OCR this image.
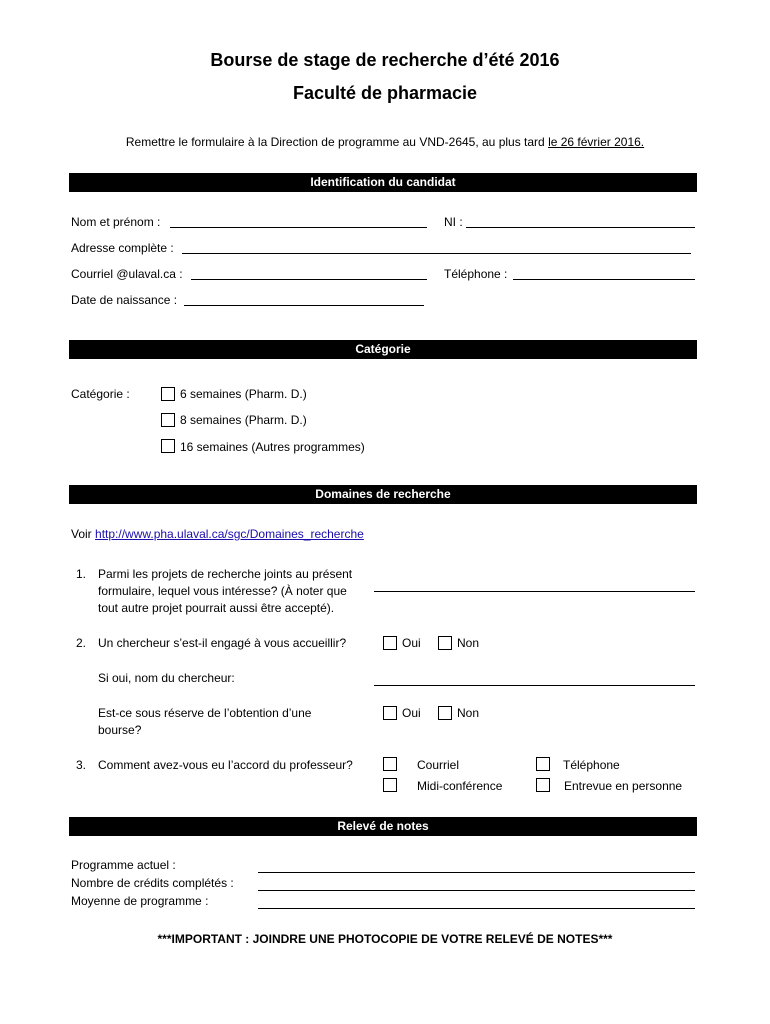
Bourse de stage de recherche d’été 2016
Faculté de pharmacie
Remettre le formulaire à la Direction de programme au VND-2645, au plus tard le 26 février 2016.
Identification du candidat
Nom et prénom :	NI :
Adresse complète :
Courriel @ulaval.ca :	Téléphone :
Date de naissance :
Catégorie
Catégorie :	6 semaines (Pharm. D.)
8 semaines (Pharm. D.)
16 semaines (Autres programmes)
Domaines de recherche
Voir http://www.pha.ulaval.ca/sgc/Domaines_recherche
1. Parmi les projets de recherche joints au présent
formulaire, lequel vous intéresse? (À noter que
tout autre projet pourrait aussi être accepté).
2. Un chercheur s’est-il engagé à vous accueillir?	Oui	Non
Si oui, nom du chercheur:
Est-ce sous réserve de l’obtention d’une
bourse?
Oui	Non
3. Comment avez-vous eu l’accord du professeur?	Courriel	Téléphone
Midi-conférence	Entrevue en personne
Relevé de notes
Programme actuel :
Nombre de crédits complétés :
Moyenne de programme :
***IMPORTANT : JOINDRE UNE PHOTOCOPIE DE VOTRE RELEVÉ DE NOTES***
